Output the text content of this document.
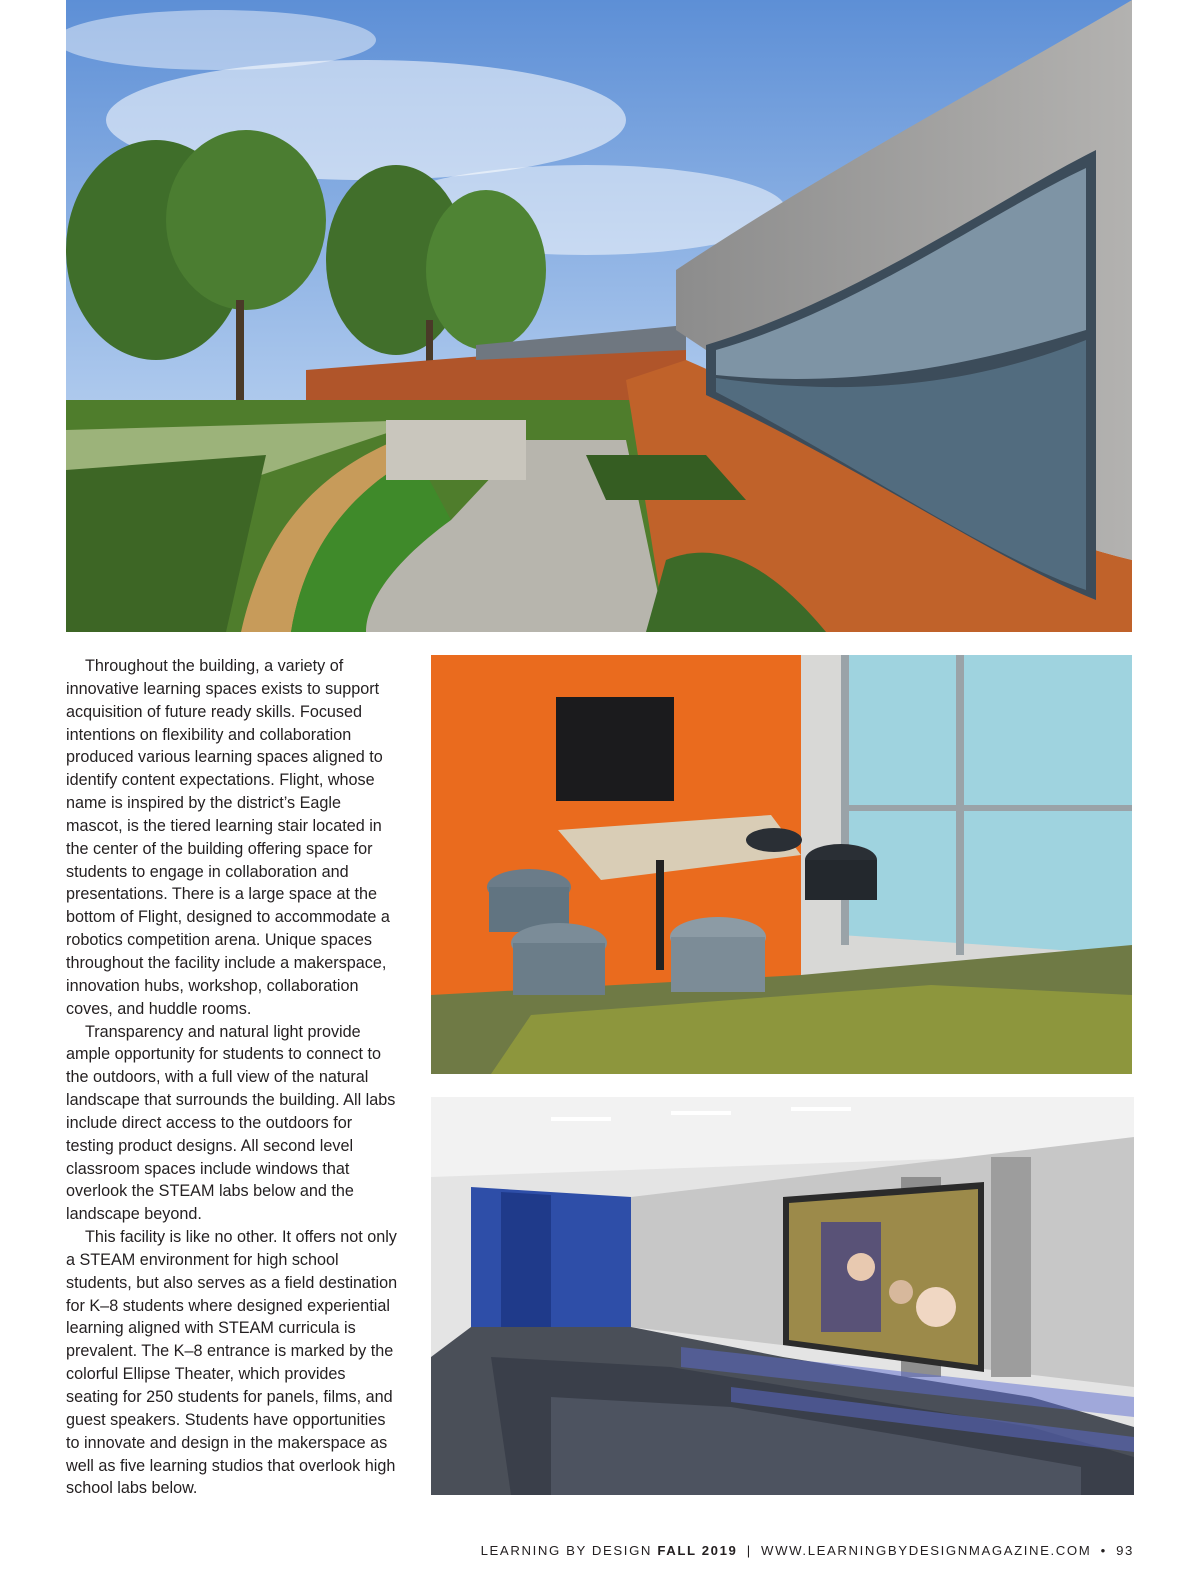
Throughout the building, a variety of innovative learning spaces exists to support acquisition of future ready skills. Focused intentions on flexibility and collaboration produced various learning spaces aligned to identify content expectations. Flight, whose name is inspired by the district’s Eagle mascot, is the tiered learning stair located in the center of the building offering space for students to engage in collaboration and presentations. There is a large space at the bottom of Flight, designed to accommodate a robotics competition arena. Unique spaces throughout the facility include a makerspace, innovation hubs, workshop, collaboration coves, and huddle rooms.

Transparency and natural light provide ample opportunity for students to connect to the outdoors, with a full view of the natural landscape that surrounds the building. All labs include direct access to the outdoors for testing product designs. All second level classroom spaces include windows that overlook the STEAM labs below and the landscape beyond.

This facility is like no other. It offers not only a STEAM environment for high school students, but also serves as a field destination for K–8 students where designed experiential learning aligned with STEAM curricula is prevalent. The K–8 entrance is marked by the colorful Ellipse Theater, which provides seating for 250 students for panels, films, and guest speakers. Students have opportunities to innovate and design in the makerspace as well as five learning studios that overlook high school labs below.

LEARNING BY DESIGN FALL 2019 | WWW.LEARNINGBYDESIGNMAGAZINE.COM • 93
